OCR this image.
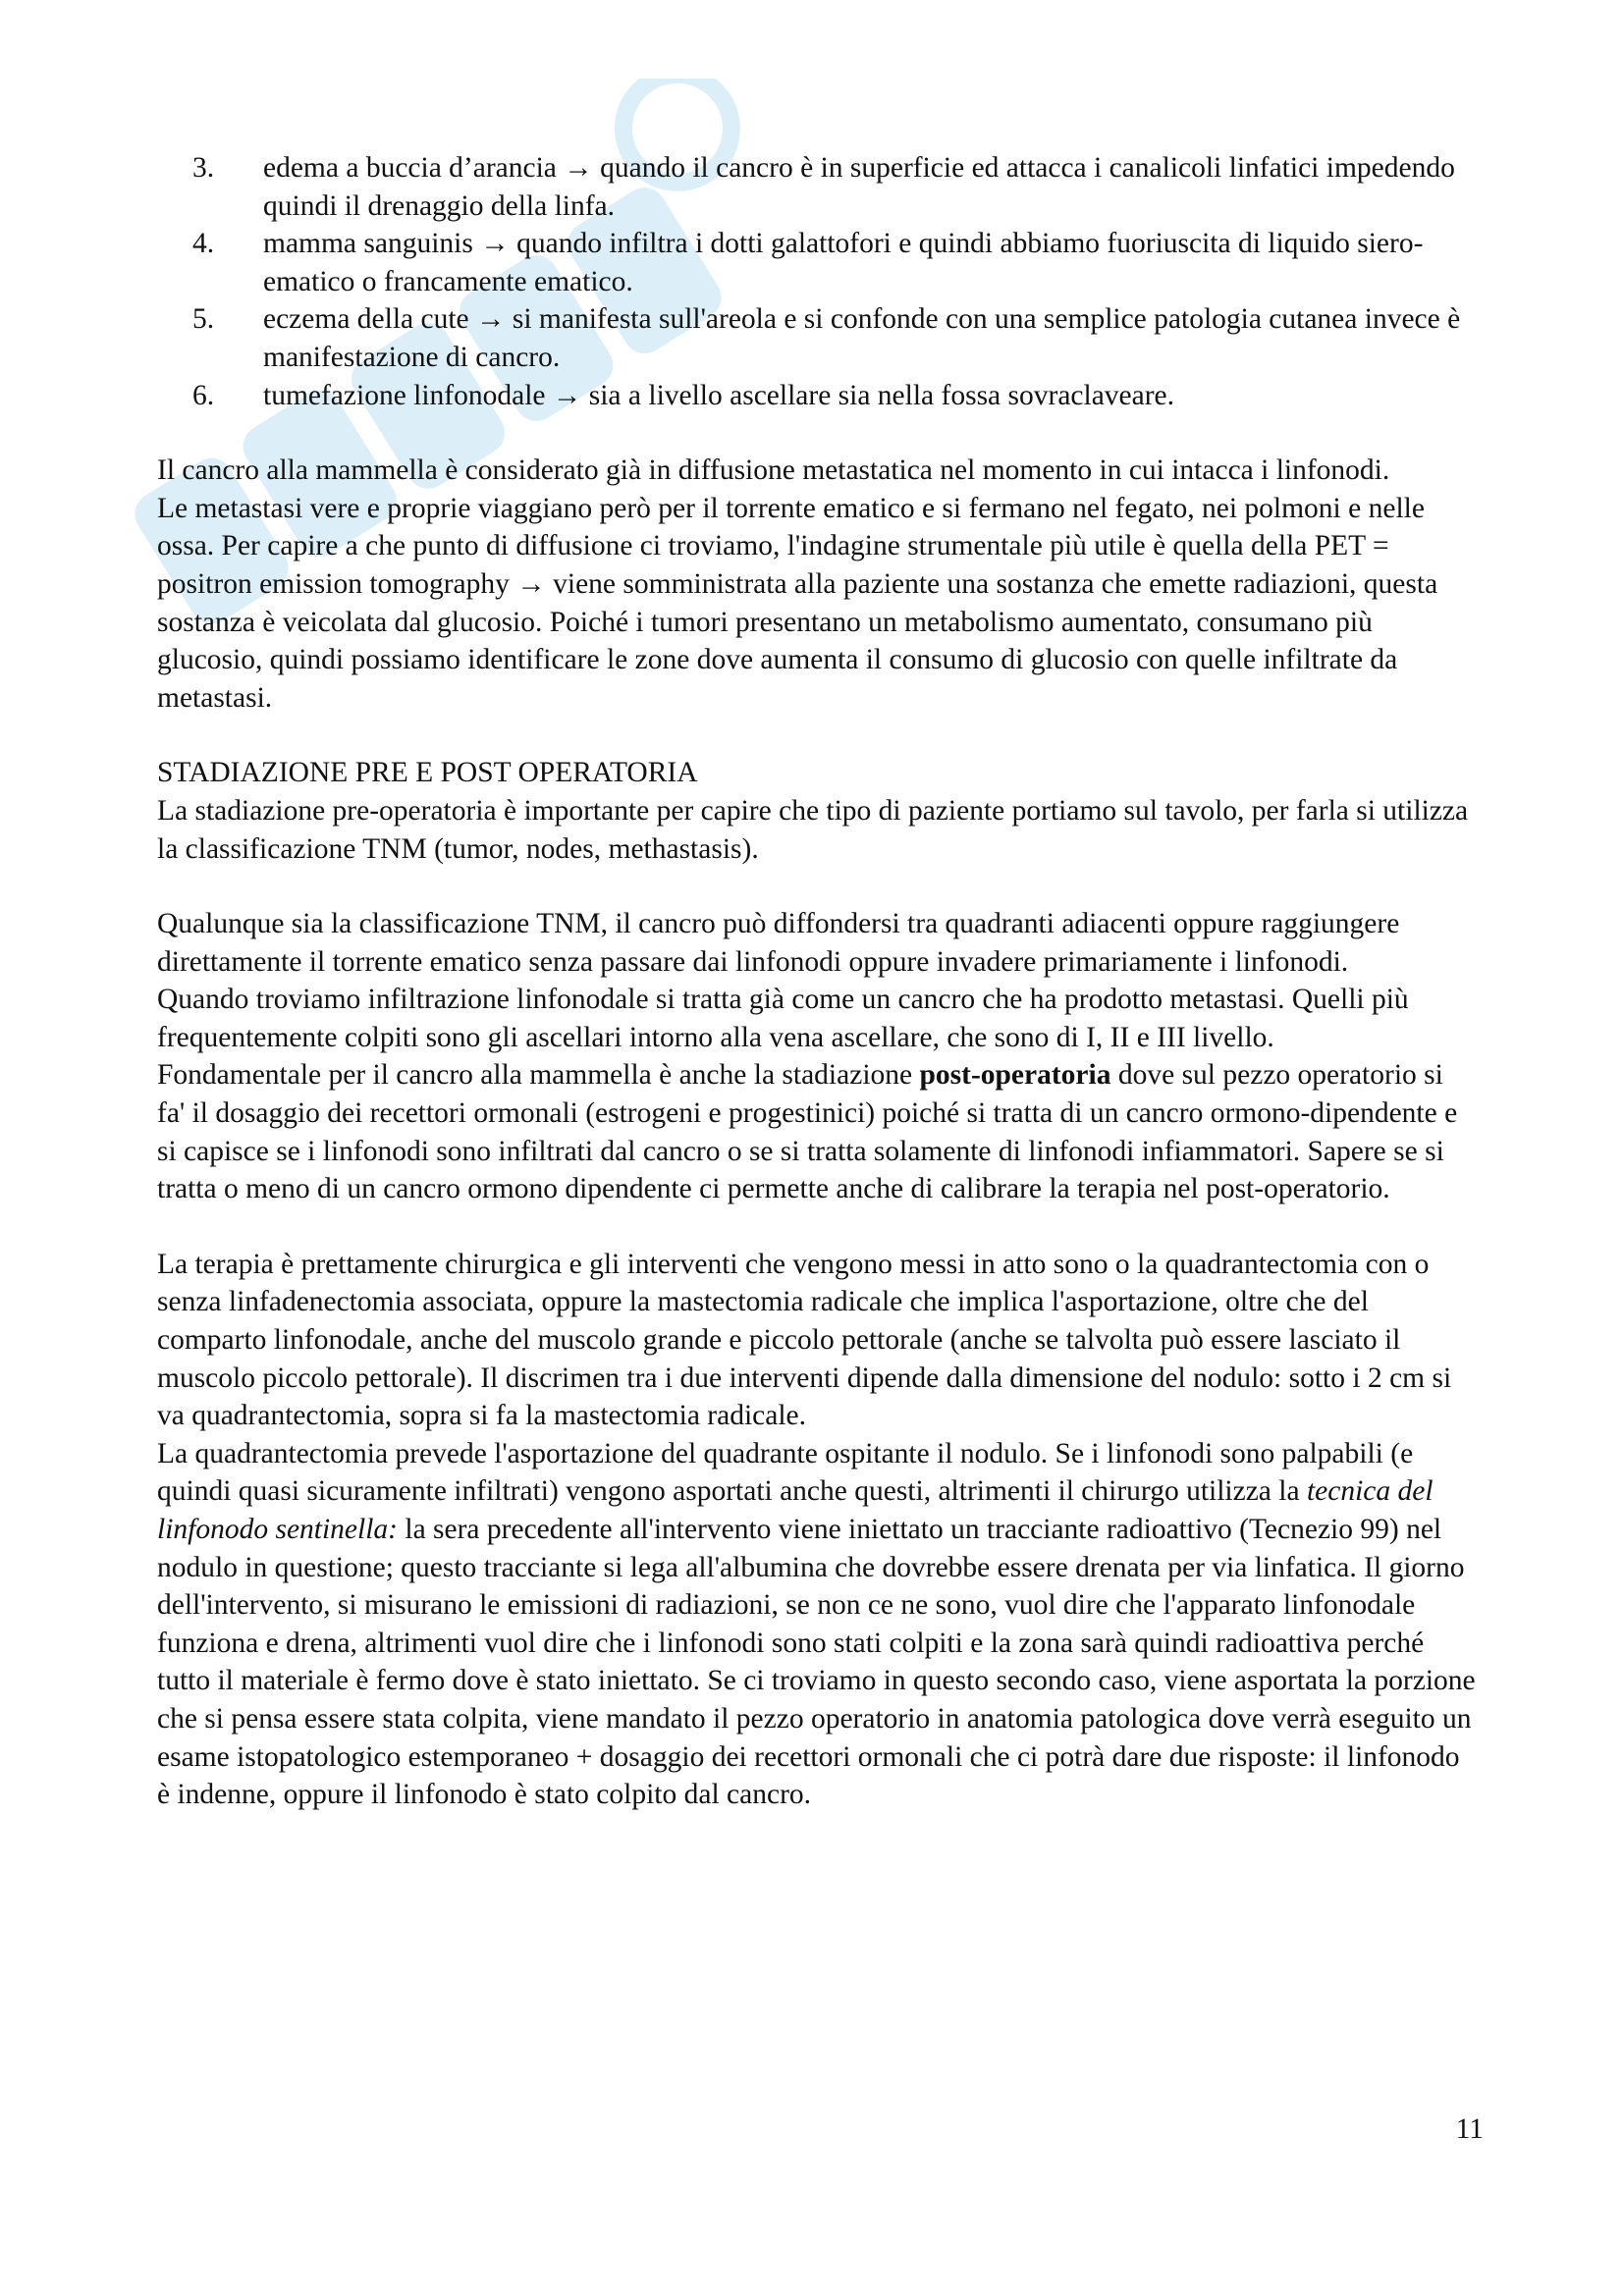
3.	edema a buccia d’arancia → quando il cancro è in superficie ed attacca i canalicoli linfatici impedendo quindi il drenaggio della linfa.
4.	mamma sanguinis → quando infiltra i dotti galattofori e quindi abbiamo fuoriuscita di liquido siero-ematico o francamente ematico.
5.	eczema della cute → si manifesta sull'areola e si confonde con una semplice patologia cutanea invece è manifestazione di cancro.
6.	tumefazione linfonodale → sia a livello ascellare sia nella fossa sovraclaveare.

Il cancro alla mammella è considerato già in diffusione metastatica nel momento in cui intacca i linfonodi.

Le metastasi vere e proprie viaggiano però per il torrente ematico e si fermano nel fegato, nei polmoni e nelle ossa. Per capire a che punto di diffusione ci troviamo, l'indagine strumentale più utile è quella della PET = positron emission tomography → viene somministrata alla paziente una sostanza che emette radiazioni, questa sostanza è veicolata dal glucosio. Poiché i tumori presentano un metabolismo aumentato, consumano più glucosio, quindi possiamo identificare le zone dove aumenta il consumo di glucosio con quelle infiltrate da metastasi.

STADIAZIONE PRE E POST OPERATORIA

La stadiazione pre-operatoria è importante per capire che tipo di paziente portiamo sul tavolo, per farla si utilizza la classificazione TNM (tumor, nodes, methastasis).

Qualunque sia la classificazione TNM, il cancro può diffondersi tra quadranti adiacenti oppure raggiungere direttamente il torrente ematico senza passare dai linfonodi oppure invadere primariamente i linfonodi.

Quando troviamo infiltrazione linfonodale si tratta già come un cancro che ha prodotto metastasi. Quelli più frequentemente colpiti sono gli ascellari intorno alla vena ascellare, che sono di I, II e III livello.

Fondamentale per il cancro alla mammella è anche la stadiazione post-operatoria dove sul pezzo operatorio si fa' il dosaggio dei recettori ormonali (estrogeni e progestinici) poiché si tratta di un cancro ormono-dipendente e si capisce se i linfonodi sono infiltrati dal cancro o se si tratta solamente di linfonodi infiammatori. Sapere se si tratta o meno di un cancro ormono dipendente ci permette anche di calibrare la terapia nel post-operatorio.

La terapia è prettamente chirurgica e gli interventi che vengono messi in atto sono o la quadrantectomia con o senza linfadenectomia associata, oppure la mastectomia radicale che implica l'asportazione, oltre che del comparto linfonodale, anche del muscolo grande e piccolo pettorale (anche se talvolta può essere lasciato il muscolo piccolo pettorale). Il discrimen tra i due interventi dipende dalla dimensione del nodulo: sotto i 2 cm si va quadrantectomia, sopra si fa la mastectomia radicale.

La quadrantectomia prevede l'asportazione del quadrante ospitante il nodulo. Se i linfonodi sono palpabili (e quindi quasi sicuramente infiltrati) vengono asportati anche questi, altrimenti il chirurgo utilizza la tecnica del linfonodo sentinella: la sera precedente all'intervento viene iniettato un tracciante radioattivo (Tecnezio 99) nel nodulo in questione; questo tracciante si lega all'albumina che dovrebbe essere drenata per via linfatica. Il giorno dell'intervento, si misurano le emissioni di radiazioni, se non ce ne sono, vuol dire che l'apparato linfonodale funziona e drena, altrimenti vuol dire che i linfonodi sono stati colpiti e la zona sarà quindi radioattiva perché tutto il materiale è fermo dove è stato iniettato. Se ci troviamo in questo secondo caso, viene asportata la porzione che si pensa essere stata colpita, viene mandato il pezzo operatorio in anatomia patologica dove verrà eseguito un esame istopatologico estemporaneo + dosaggio dei recettori ormonali che ci potrà dare due risposte: il linfonodo è indenne, oppure il linfonodo è stato colpito dal cancro.

11
